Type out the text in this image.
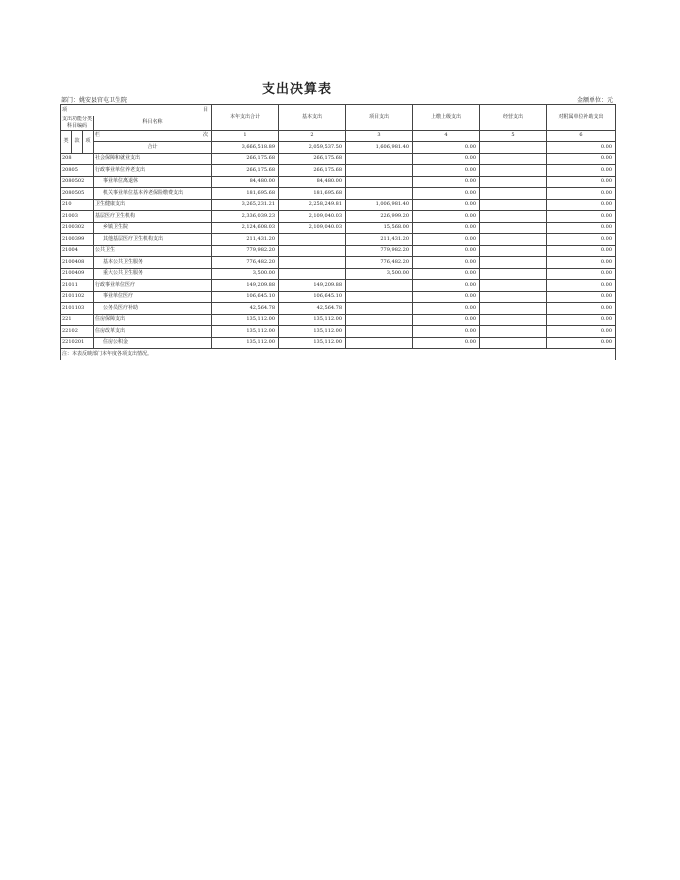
支出决算表
部门：姚安县官屯卫生院	金额单位：元
项 目				本年支出合计	基本支出	项目支出	上缴上级支出	经营支出	对附属单位补助支出
支出功能分类科目编码			科目名称						

类	款	项	栏 次	1	2	3	4	5	6
			合计	3,666,518.89	2,059,537.50	1,606,981.40	0.00		0.00
208			社会保障和就业支出	266,175.68	266,175.68		0.00		0.00
20805			行政事业单位养老支出	266,175.68	266,175.68		0.00		0.00
2080502			事业单位离退休	84,480.00	84,480.00		0.00		0.00
2080505			机关事业单位基本养老保险缴费支出	181,695.68	181,695.68		0.00		0.00
210			卫生健康支出	3,265,231.21	2,258,249.81	1,006,981.40	0.00		0.00
21003			基层医疗卫生机构	2,336,039.23	2,109,040.03	226,999.20	0.00		0.00
2100302			乡镇卫生院	2,124,608.03	2,109,040.03	15,568.00	0.00		0.00
2100399			其他基层医疗卫生机构支出	211,431.20		211,431.20	0.00		0.00
21004			公共卫生	779,982.20		779,982.20	0.00		0.00
2100408			基本公共卫生服务	776,482.20		776,482.20	0.00		0.00
2100409			重大公共卫生服务	3,500.00		3,500.00	0.00		0.00
21011			行政事业单位医疗	149,209.88	149,209.88		0.00		0.00
2101102			事业单位医疗	106,645.10	106,645.10		0.00		0.00
2101103			公务员医疗补助	42,564.78	42,564.78		0.00		0.00
221			住房保障支出	135,112.00	135,112.00		0.00		0.00
22102			住房改革支出	135,112.00	135,112.00		0.00		0.00
2210201			住房公积金	135,112.00	135,112.00		0.00		0.00
注：本表反映部门本年度各项支出情况。									
